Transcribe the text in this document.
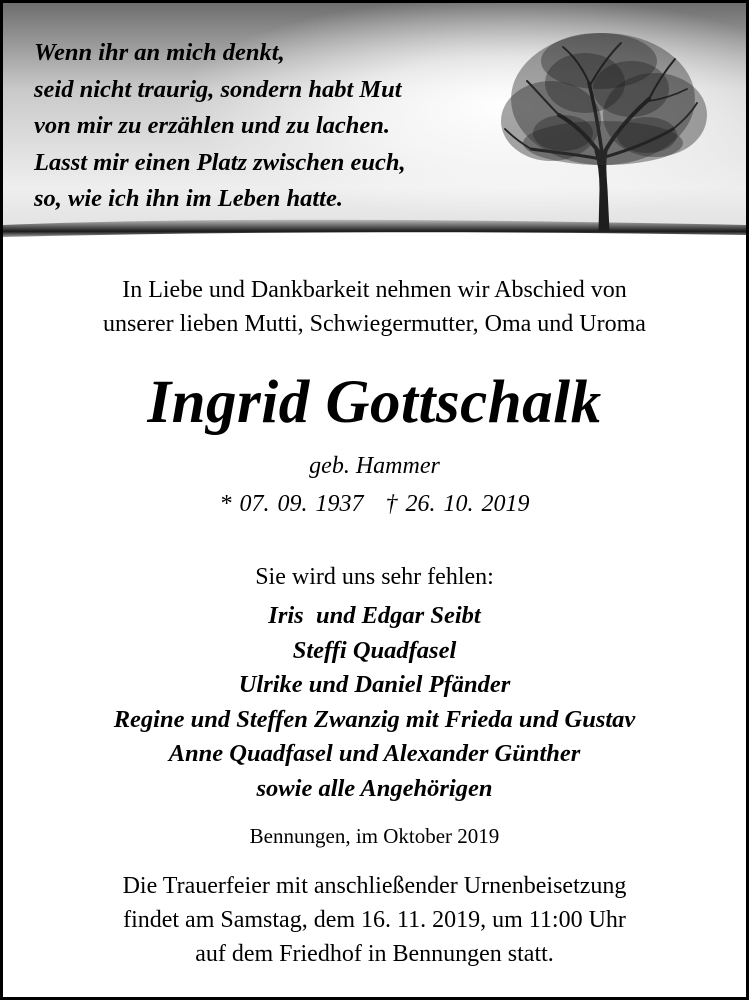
Wenn ihr an mich denkt,
seid nicht traurig, sondern habt Mut
von mir zu erzählen und zu lachen.
Lasst mir einen Platz zwischen euch,
so, wie ich ihn im Leben hatte.
In Liebe und Dankbarkeit nehmen wir Abschied von
unserer lieben Mutti, Schwiegermutter, Oma und Uroma
Ingrid Gottschalk
geb. Hammer
* 07. 09. 1937 † 26. 10. 2019
Sie wird uns sehr fehlen:
Iris  und Edgar Seibt
Steffi Quadfasel
Ulrike und Daniel Pfänder
Regine und Steffen Zwanzig mit Frieda und Gustav
Anne Quadfasel und Alexander Günther
sowie alle Angehörigen
Bennungen, im Oktober 2019
Die Trauerfeier mit anschließender Urnenbeisetzung
findet am Samstag, dem 16. 11. 2019, um 11:00 Uhr
auf dem Friedhof in Bennungen statt.
